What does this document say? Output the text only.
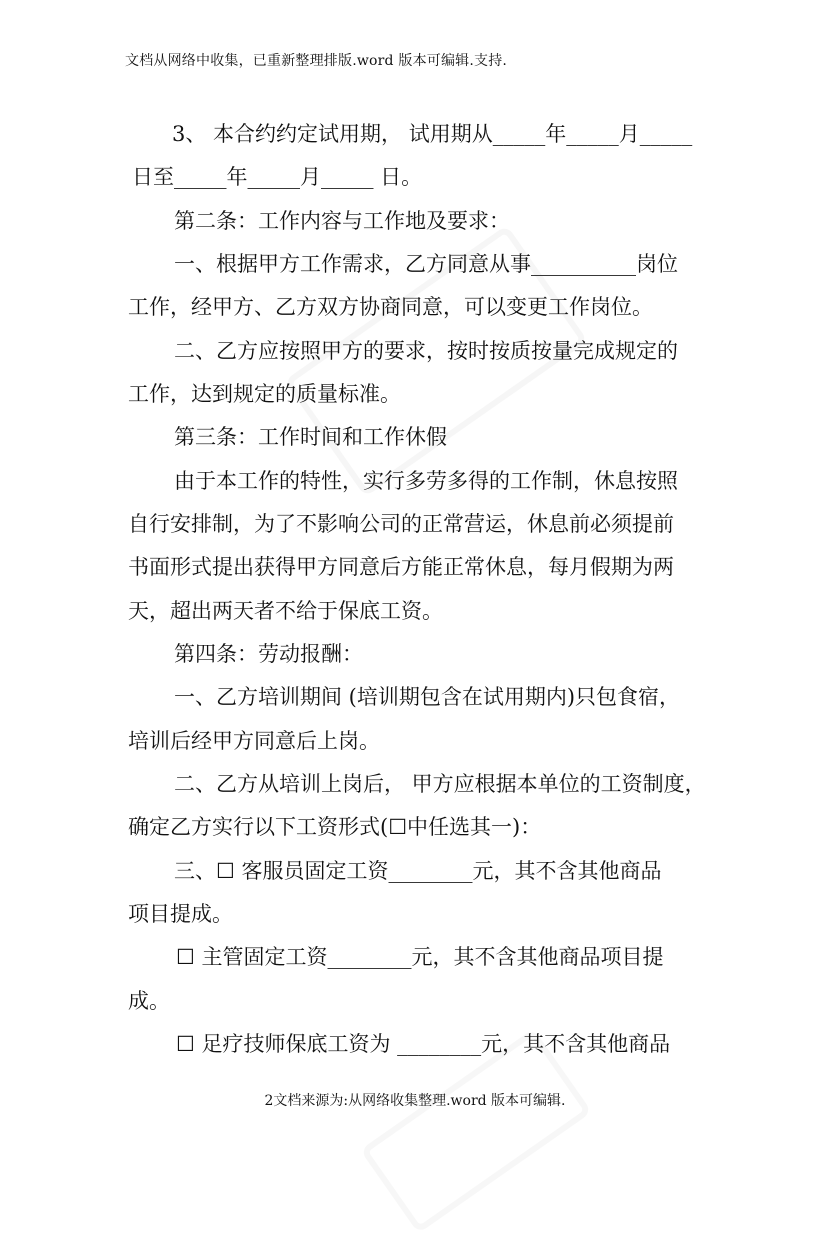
文档从网络中收集，已重新整理排版.word 版本可编辑.支持.
3、 本合约约定试用期， 试用期从_____年_____月_____
日至_____年_____月_____ 日。
第二条：工作内容与工作地及要求：
一、根据甲方工作需求，乙方同意从事__________岗位
工作，经甲方、乙方双方协商同意，可以变更工作岗位。
二、乙方应按照甲方的要求，按时按质按量完成规定的
工作，达到规定的质量标准。
第三条：工作时间和工作休假
由于本工作的特性，实行多劳多得的工作制，休息按照
自行安排制，为了不影响公司的正常营运，休息前必须提前
书面形式提出获得甲方同意后方能正常休息，每月假期为两
天，超出两天者不给于保底工资。
第四条：劳动报酬：
一、乙方培训期间 (培训期包含在试用期内)只包食宿，
培训后经甲方同意后上岗。
二、乙方从培训上岗后， 甲方应根据本单位的工资制度，
确定乙方实行以下工资形式(☐中任选其一)：
三、☐ 客服员固定工资________元，其不含其他商品
项目提成。
☐ 主管固定工资________元，其不含其他商品项目提
成。
☐ 足疗技师保底工资为 ________元，其不含其他商品
2文档来源为:从网络收集整理.word 版本可编辑.
